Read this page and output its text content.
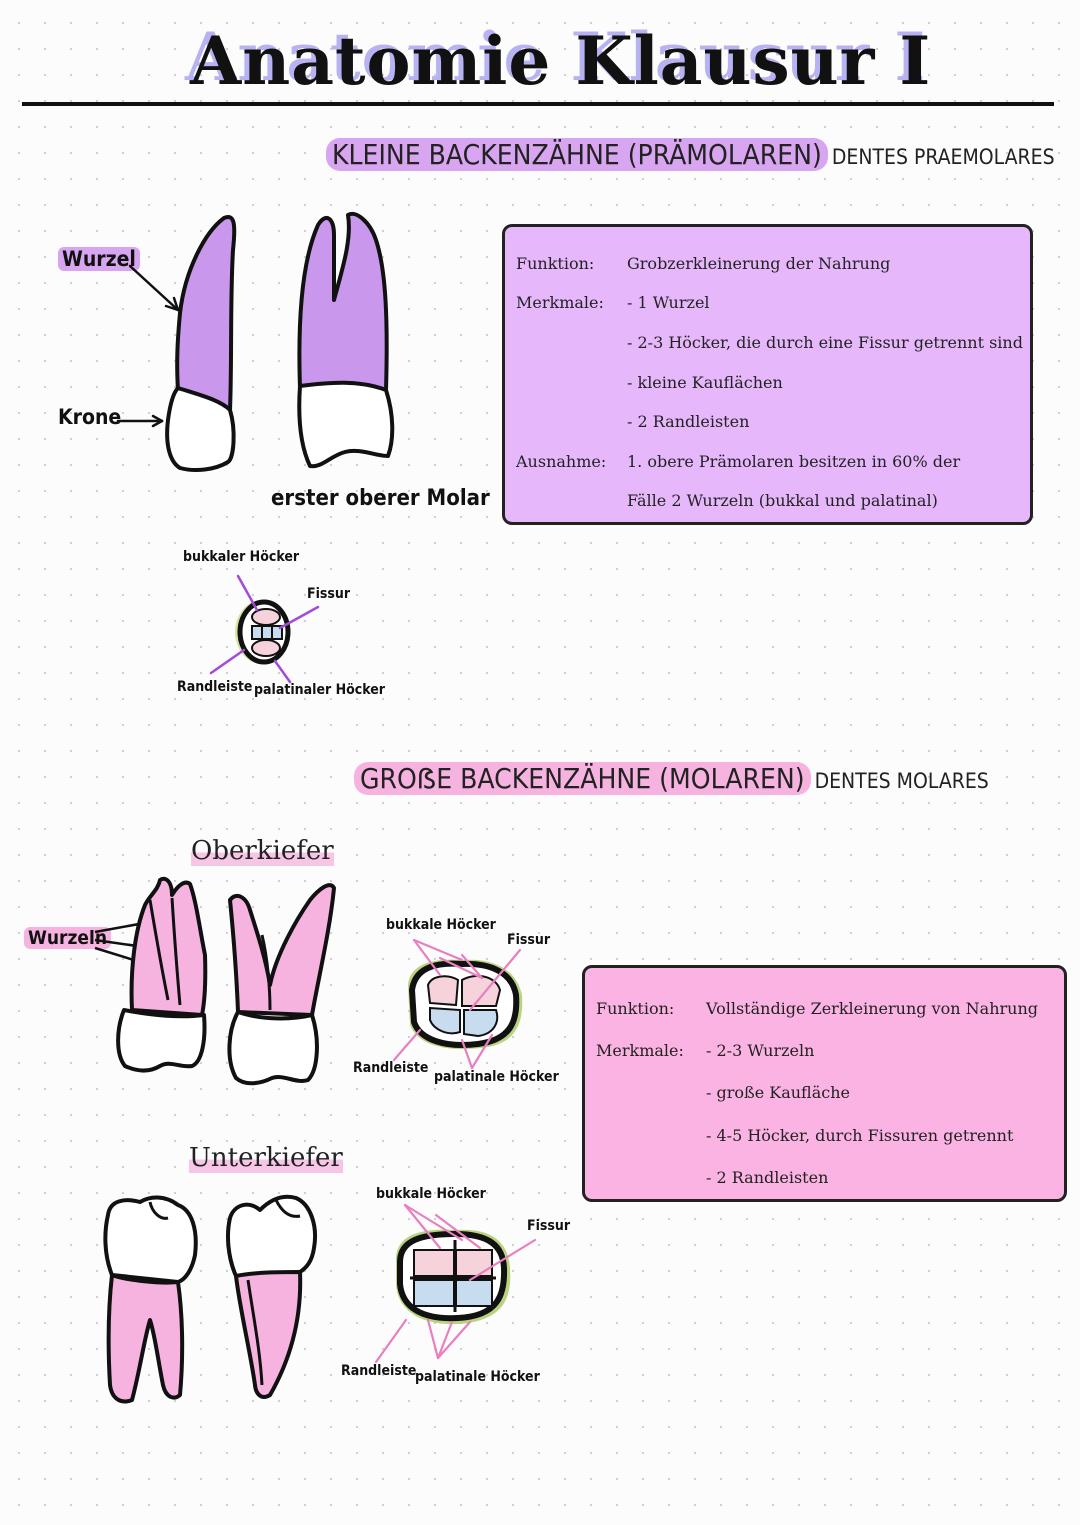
Anatomie Klausur I
KLEINE BACKENZÄHNE (PRÄMOLAREN) DENTES PRAEMOLARES
Wurzel
Krone
erster oberer Molar
bukkaler Höcker
Fissur
Randleiste palatinaler Höcker
Funktion: Grobzerkleinerung der Nahrung
Merkmale: - 1 Wurzel
- 2-3 Höcker, die durch eine Fissur getrennt sind
- kleine Kauflächen
- 2 Randleisten
Ausnahme: 1. obere Prämolaren besitzen in 60% der
Fälle 2 Wurzeln (bukkal und palatinal)
GROẞE BACKENZÄHNE (MOLAREN) DENTES MOLARES
Oberkiefer
Unterkiefer
Wurzeln
bukkale Höcker
Fissur
Randleiste
palatinale Höcker
bukkale Höcker
Fissur
Randleiste
palatinale Höcker
Funktion: Vollständige Zerkleinerung von Nahrung
Merkmale: - 2-3 Wurzeln
- große Kaufläche
- 4-5 Höcker, durch Fissuren getrennt
- 2 Randleisten
